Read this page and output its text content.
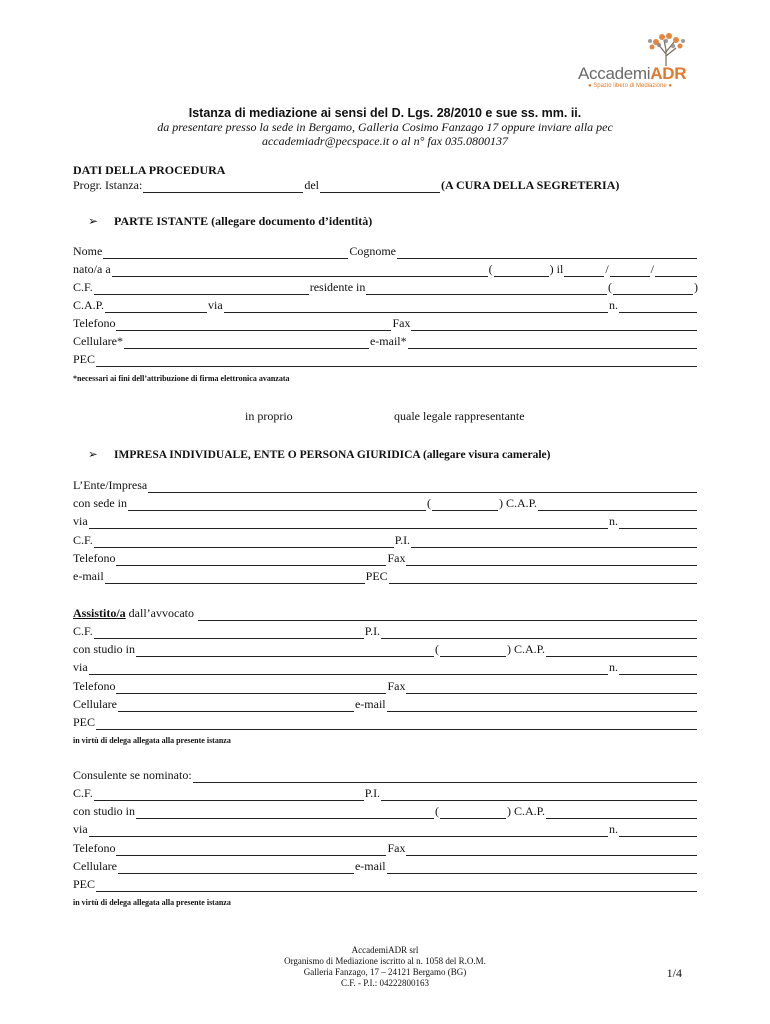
AccademiADR
● Spazio libero di Mediazione ●
Istanza di mediazione ai sensi del D. Lgs. 28/2010 e sue ss. mm. ii.
da presentare presso la sede in Bergamo, Galleria Cosimo Fanzago 17 oppure inviare alla pec
accademiadr@pecspace.it o al n° fax 035.0800137
DATI DELLA PROCEDURA
Progr. Istanza:	del	(A CURA DELLA SEGRETERIA)
➢ PARTE ISTANTE (allegare documento d’identità)
Nome	Cognome
nato/a a	(	) il	/	/
C.F.	residente in	(	)
C.A.P.	via	n.
Telefono	Fax
Cellulare*	e-mail*
PEC
*necessari ai fini dell’attribuzione di firma elettronica avanzata
in proprio	quale legale rappresentante
➢ IMPRESA INDIVIDUALE, ENTE O PERSONA GIURIDICA (allegare visura camerale)
L’Ente/Impresa
con sede in	(	) C.A.P.
via	n.
C.F.	P.I.
Telefono	Fax
e-mail	PEC
Assistito/a
dall’avvocato

C.F.	P.I.
con studio in	(	) C.A.P.
via	n.
Telefono	Fax
Cellulare	e-mail
PEC
in virtù di delega allegata alla presente istanza
Consulente se nominato:
C.F.	P.I.
con studio in	(	) C.A.P.
via	n.
Telefono	Fax
Cellulare	e-mail
PEC
in virtù di delega allegata alla presente istanza
AccademiADR srl
Organismo di Mediazione iscritto al n. 1058 del R.O.M.
Galleria Fanzago, 17 – 24121 Bergamo (BG)
C.F. - P.I.: 04222800163
1/4
